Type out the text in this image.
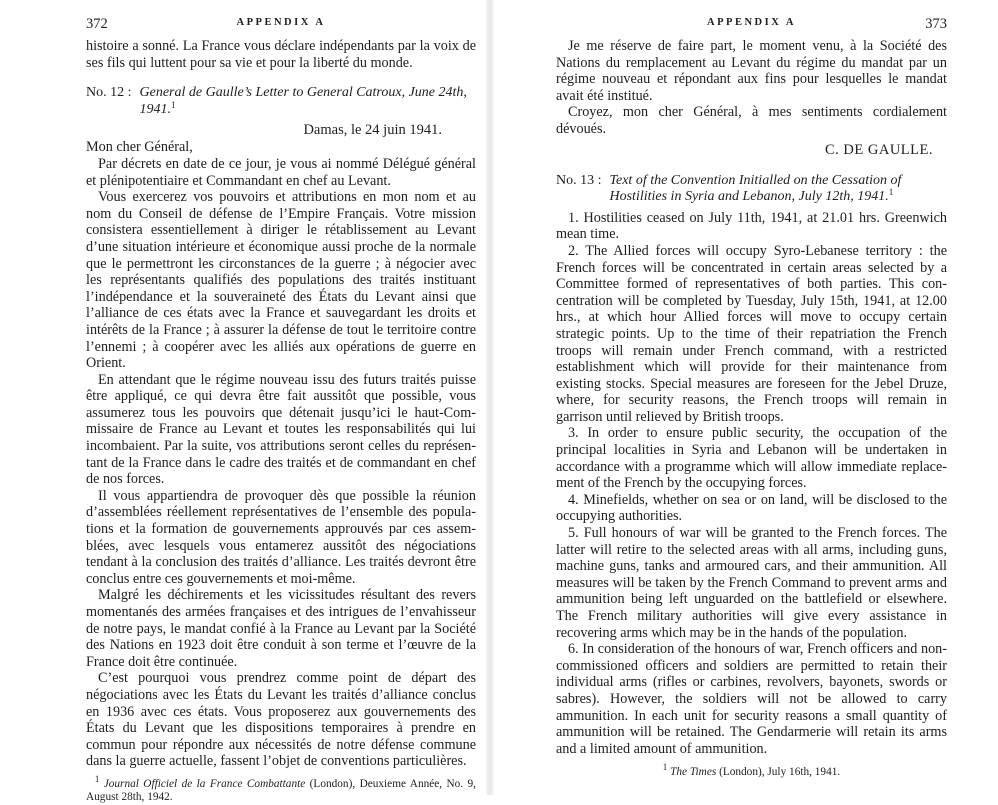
372	APPENDIX A

histoire a sonné. La France vous déclare indépendants par la voix de ses fils qui luttent pour sa vie et pour la liberté du monde.

No. 12 : General de Gaulle’s Letter to General Catroux, June 24th, 1941.$^1$
Damas, le 24 juin 1941.
Mon cher Général,

Par décrets en date de ce jour, je vous ai nommé Délégué général et plénipotentiaire et Commandant en chef au Levant.

Vous exercerez vos pouvoirs et attributions en mon nom et au nom du Conseil de défense de l’Empire Français. Votre mission consistera essentiellement à diriger le rétablissement au Levant d’une situation intérieure et économique aussi proche de la normale que le permettront les circonstances de la guerre ; à négocier avec les représentants qualifiés des populations des traités instituant l’indépendance et la souveraineté des États du Levant ainsi que l’alliance de ces états avec la France et sauvegardant les droits et intérêts de la France ; à assurer la défense de tout le territoire contre l’ennemi ; à coopérer avec les alliés aux opérations de guerre en Orient.

En attendant que le régime nouveau issu des futurs traités puisse être appliqué, ce qui devra être fait aussitôt que possible, vous assumerez tous les pouvoirs que détenait jusqu’ici le haut-Commissaire de France au Levant et toutes les responsabilités qui lui incombaient. Par la suite, vos attributions seront celles du représentant de la France dans le cadre des traités et de commandant en chef de nos forces.

Il vous appartiendra de provoquer dès que possible la réunion d’assemblées réellement représentatives de l’ensemble des populations et la formation de gouvernements approuvés par ces assemblées, avec lesquels vous entamerez aussitôt des négociations tendant à la conclusion des traités d’alliance. Les traités devront être conclus entre ces gouvernements et moi-même.

Malgré les déchirements et les vicissitudes résultant des revers momentanés des armées françaises et des intrigues de l’envahisseur de notre pays, le mandat confié à la France au Levant par la Société des Nations en 1923 doit être conduit à son terme et l’œuvre de la France doit être continuée.

C’est pourquoi vous prendrez comme point de départ des négociations avec les États du Levant les traités d’alliance conclus en 1936 avec ces états. Vous proposerez aux gouvernements des États du Levant que les dispositions temporaires à prendre en commun pour répondre aux nécessités de notre défense commune dans la guerre actuelle, fassent l’objet de conventions particulières.

$^1$ Journal Officiel de la France Combattante (London), Deuxieme Année, No. 9, August 28th, 1942.
APPENDIX A	373

Je me réserve de faire part, le moment venu, à la Société des Nations du remplacement au Levant du régime du mandat par un régime nouveau et répondant aux fins pour lesquelles le mandat avait été institué.

Croyez, mon cher Général, à mes sentiments cordialement dévoués.

C. DE GAULLE.
No. 13 : Text of the Convention Initialled on the Cessation of Hostilities in Syria and Lebanon, July 12th, 1941.$^1$

1. Hostilities ceased on July 11th, 1941, at 21.01 hrs. Greenwich mean time.

2. The Allied forces will occupy Syro-Lebanese territory : the French forces will be concentrated in certain areas selected by a Committee formed of representatives of both parties. This concentration will be completed by Tuesday, July 15th, 1941, at 12.00 hrs., at which hour Allied forces will move to occupy certain strategic points. Up to the time of their repatriation the French troops will remain under French command, with a restricted establishment which will provide for their maintenance from existing stocks. Special measures are foreseen for the Jebel Druze, where, for security reasons, the French troops will remain in garrison until relieved by British troops.

3. In order to ensure public security, the occupation of the principal localities in Syria and Lebanon will be undertaken in accordance with a programme which will allow immediate replacement of the French by the occupying forces.

4. Minefields, whether on sea or on land, will be disclosed to the occupying authorities.

5. Full honours of war will be granted to the French forces. The latter will retire to the selected areas with all arms, including guns, machine guns, tanks and armoured cars, and their ammunition. All measures will be taken by the French Command to prevent arms and ammunition being left unguarded on the battlefield or elsewhere. The French military authorities will give every assistance in recovering arms which may be in the hands of the population.

6. In consideration of the honours of war, French officers and non-commissioned officers and soldiers are permitted to retain their individual arms (rifles or carbines, revolvers, bayonets, swords or sabres). However, the soldiers will not be allowed to carry ammunition. In each unit for security reasons a small quantity of ammunition will be retained. The Gendarmerie will retain its arms and a limited amount of ammunition.

$^1$ The Times (London), July 16th, 1941.
